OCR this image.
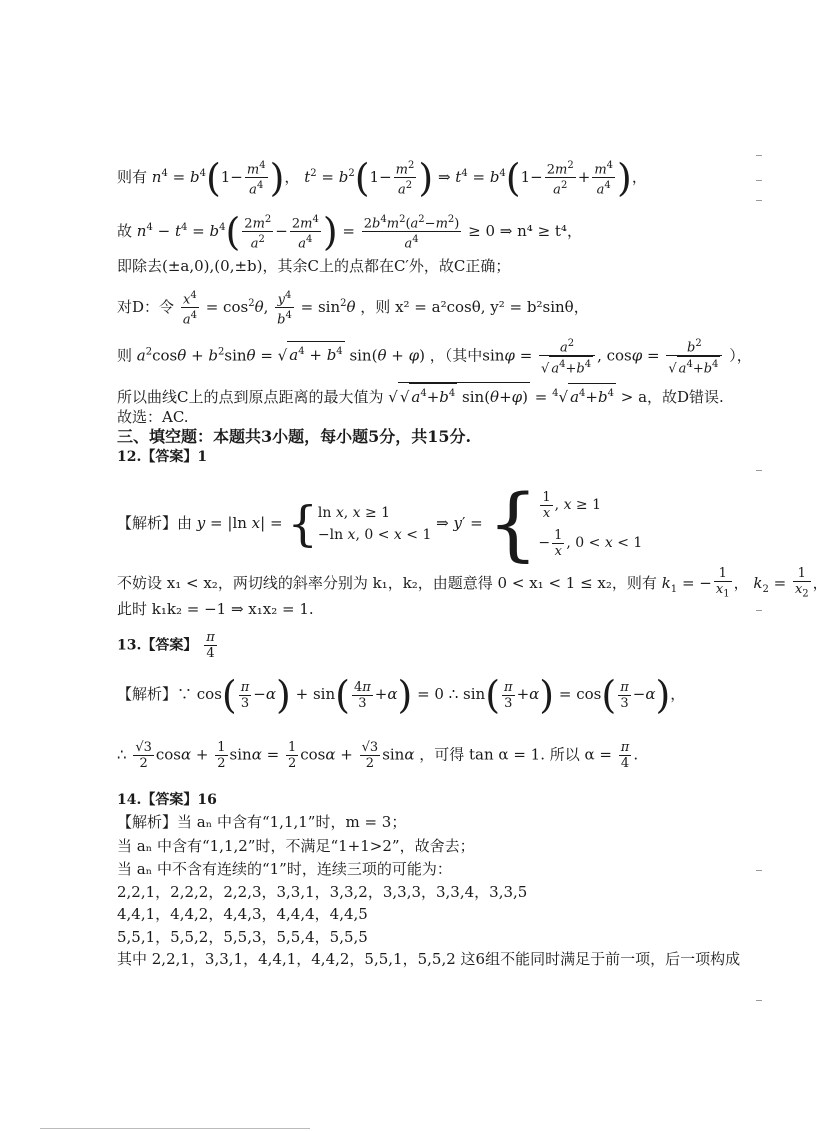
则有 $n^4 = b^4(1- \frac{m^4}{a^4}$ )， $t^2 = b^2(1- \frac{m^2}{a^2}$ ) ⇒ $t^4 = b^4(1- \frac{2m^2}{a^2} + \frac{m^4}{a^4}$ )，
故 $n^4 - t^4 = b^4( \frac{2m^2}{a^2} - \frac{2m^4}{a^4}$ ) = $\frac{2b^4m^2(a^2-m^2)}{a^4} \ge 0$ ⇒ n⁴ ≥ t⁴，
即除去(±a,0),(0,±b)，其余C上的点都在C′外，故C正确；
对D：令 $\frac{x^4}{a^4} = \cos^2\theta$, $\frac{y^4}{b^4} = \sin^2\theta$ ，则 x² = a²cosθ, y² = b²sinθ，
则 $a^2\cos\theta + b^2\sin\theta$ = √ $a^4 + b^4$ sin(θ + φ) ，（其中$\sin\varphi = \frac{a^2}{√ a^4+b^4}$ , $\cos\varphi = \frac{b^2}{√ a^4+b^4}$ ），
所以曲线C上的点到原点距离的最大值为 √ √ $a^4+b^4$ sin(θ+φ) = $^4$√ $a^4+b^4 > a$，故D错误.
故选：AC.
三、填空题：本题共3小题，每小题5分，共15分.
12.【答案】1
【解析】由 y = |ln x| = {ln x, x ≥ 1
−ln x, 0 < x < 1 ⇒ y′ = { $\frac{1}{x}$ , x ≥ 1
− $\frac{1}{x}$ , 0 < x < 1
不妨设 x₁ < x₂，两切线的斜率分别为 k₁，k₂，由题意得 0 < x₁ < 1 ≤ x₂，则有 $k_1$ = − $\frac{1}{x_1}$ ， $k_2 = \frac{1}{x_2}$ ，
此时 k₁k₂ = −1 ⇒ x₁x₂ = 1.
13.【答案】 $\frac{\pi}{4}$
【解析】∵ $\cos( \frac{\pi}{3} -\alpha) + \sin( \frac{4\pi}{3} +\alpha) = 0$ ∴ $\sin( \frac{\pi}{3} +\alpha) = \cos( \frac{\pi}{3} -\alpha)$，
∴ $\frac{√3}{2}$ $\cos\alpha + \frac{1}{2}$ $\sin\alpha = \frac{1}{2}$ $\cos\alpha + \frac{√3}{2}$ sinα ，可得 tan α = 1. 所以 $\alpha = \frac{\pi}{4}$ .
14.【答案】16
【解析】当 aₙ 中含有“1,1,1”时，m = 3；
当 aₙ 中含有“1,1,2”时，不满足“1+1>2”，故舍去；
当 aₙ 中不含有连续的“1”时，连续三项的可能为：
2,2,1，2,2,2，2,2,3，3,3,1，3,3,2，3,3,3，3,3,4，3,3,5
4,4,1，4,4,2，4,4,3，4,4,4，4,4,5
5,5,1，5,5,2，5,5,3，5,5,4，5,5,5
其中 2,2,1，3,3,1，4,4,1，4,4,2，5,5,1，5,5,2 这6组不能同时满足于前一项，后一项构成
